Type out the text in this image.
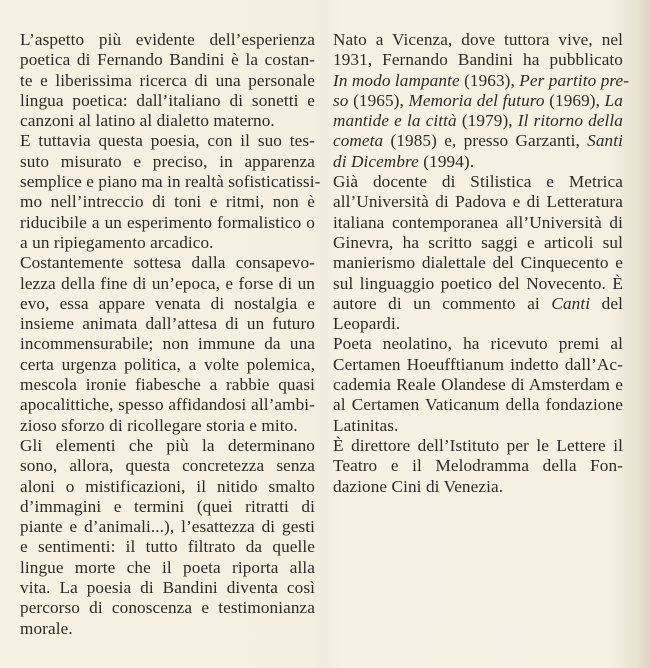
L’aspetto più evidente dell’esperienza
poetica di Fernando Bandini è la costan-
te e liberissima ricerca di una personale
lingua poetica: dall’italiano di sonetti e
canzoni al latino al dialetto materno.
E tuttavia questa poesia, con il suo tes-
suto misurato e preciso, in apparenza
semplice e piano ma in realtà sofisticatissi-
mo nell’intreccio di toni e ritmi, non è
riducibile a un esperimento formalistico o
a un ripiegamento arcadico.
Costantemente sottesa dalla consapevo-
lezza della fine di un’epoca, e forse di un
evo, essa appare venata di nostalgia e
insieme animata dall’attesa di un futuro
incommensurabile; non immune da una
certa urgenza politica, a volte polemica,
mescola ironie fiabesche a rabbie quasi
apocalittiche, spesso affidandosi all’ambi-
zioso sforzo di ricollegare storia e mito.
Gli elementi che più la determinano
sono, allora, questa concretezza senza
aloni o mistificazioni, il nitido smalto
d’immagini e termini (quei ritratti di
piante e d’animali...), l’esattezza di gesti
e sentimenti: il tutto filtrato da quelle
lingue morte che il poeta riporta alla
vita. La poesia di Bandini diventa così
percorso di conoscenza e testimonianza
morale.
Nato a Vicenza, dove tuttora vive, nel
1931, Fernando Bandini ha pubblicato
In modo lampante (1963), Per partito pre-
so (1965), Memoria del futuro (1969), La
mantide e la città (1979), Il ritorno della
cometa (1985) e, presso Garzanti, Santi
di Dicembre (1994).
Già docente di Stilistica e Metrica
all’Università di Padova e di Letteratura
italiana contemporanea all’Università di
Ginevra, ha scritto saggi e articoli sul
manierismo dialettale del Cinquecento e
sul linguaggio poetico del Novecento. È
autore di un commento ai Canti del
Leopardi.
Poeta neolatino, ha ricevuto premi al
Certamen Hoeufftianum indetto dall’Ac-
cademia Reale Olandese di Amsterdam e
al Certamen Vaticanum della fondazione
Latinitas.
È direttore dell’Istituto per le Lettere il
Teatro e il Melodramma della Fon-
dazione Cini di Venezia.
